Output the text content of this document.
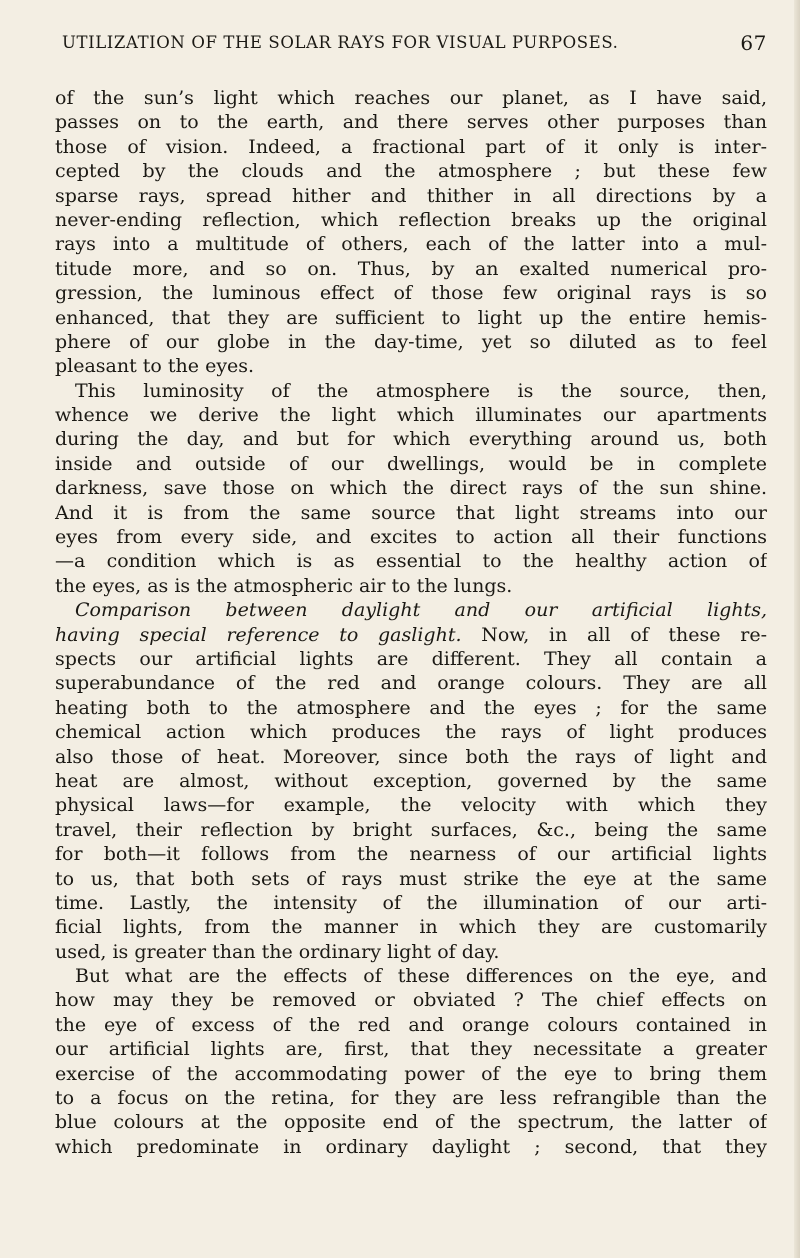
UTILIZATION OF THE SOLAR RAYS FOR VISUAL PURPOSES.	67
of the sun’s light which reaches our planet, as I have said,
passes on to the earth, and there serves other purposes than
those of vision. Indeed, a fractional part of it only is inter-
cepted by the clouds and the atmosphere ; but these few
sparse rays, spread hither and thither in all directions by a
never-ending reflection, which reflection breaks up the original
rays into a multitude of others, each of the latter into a mul-
titude more, and so on. Thus, by an exalted numerical pro-
gression, the luminous effect of those few original rays is so
enhanced, that they are sufficient to light up the entire hemis-
phere of our globe in the day-time, yet so diluted as to feel
pleasant to the eyes.
This luminosity of the atmosphere is the source, then,
whence we derive the light which illuminates our apartments
during the day, and but for which everything around us, both
inside and outside of our dwellings, would be in complete
darkness, save those on which the direct rays of the sun shine.
And it is from the same source that light streams into our
eyes from every side, and excites to action all their functions
—a condition which is as essential to the healthy action of
the eyes, as is the atmospheric air to the lungs.
Comparison between daylight and our artificial lights,
having special reference to gaslight. Now, in all of these re-
spects our artificial lights are different. They all contain a
superabundance of the red and orange colours. They are all
heating both to the atmosphere and the eyes ; for the same
chemical action which produces the rays of light produces
also those of heat. Moreover, since both the rays of light and
heat are almost, without exception, governed by the same
physical laws—for example, the velocity with which they
travel, their reflection by bright surfaces, &c., being the same
for both—it follows from the nearness of our artificial lights
to us, that both sets of rays must strike the eye at the same
time. Lastly, the intensity of the illumination of our arti-
ficial lights, from the manner in which they are customarily
used, is greater than the ordinary light of day.
But what are the effects of these differences on the eye, and
how may they be removed or obviated ? The chief effects on
the eye of excess of the red and orange colours contained in
our artificial lights are, first, that they necessitate a greater
exercise of the accommodating power of the eye to bring them
to a focus on the retina, for they are less refrangible than the
blue colours at the opposite end of the spectrum, the latter of
which predominate in ordinary daylight ; second, that they
